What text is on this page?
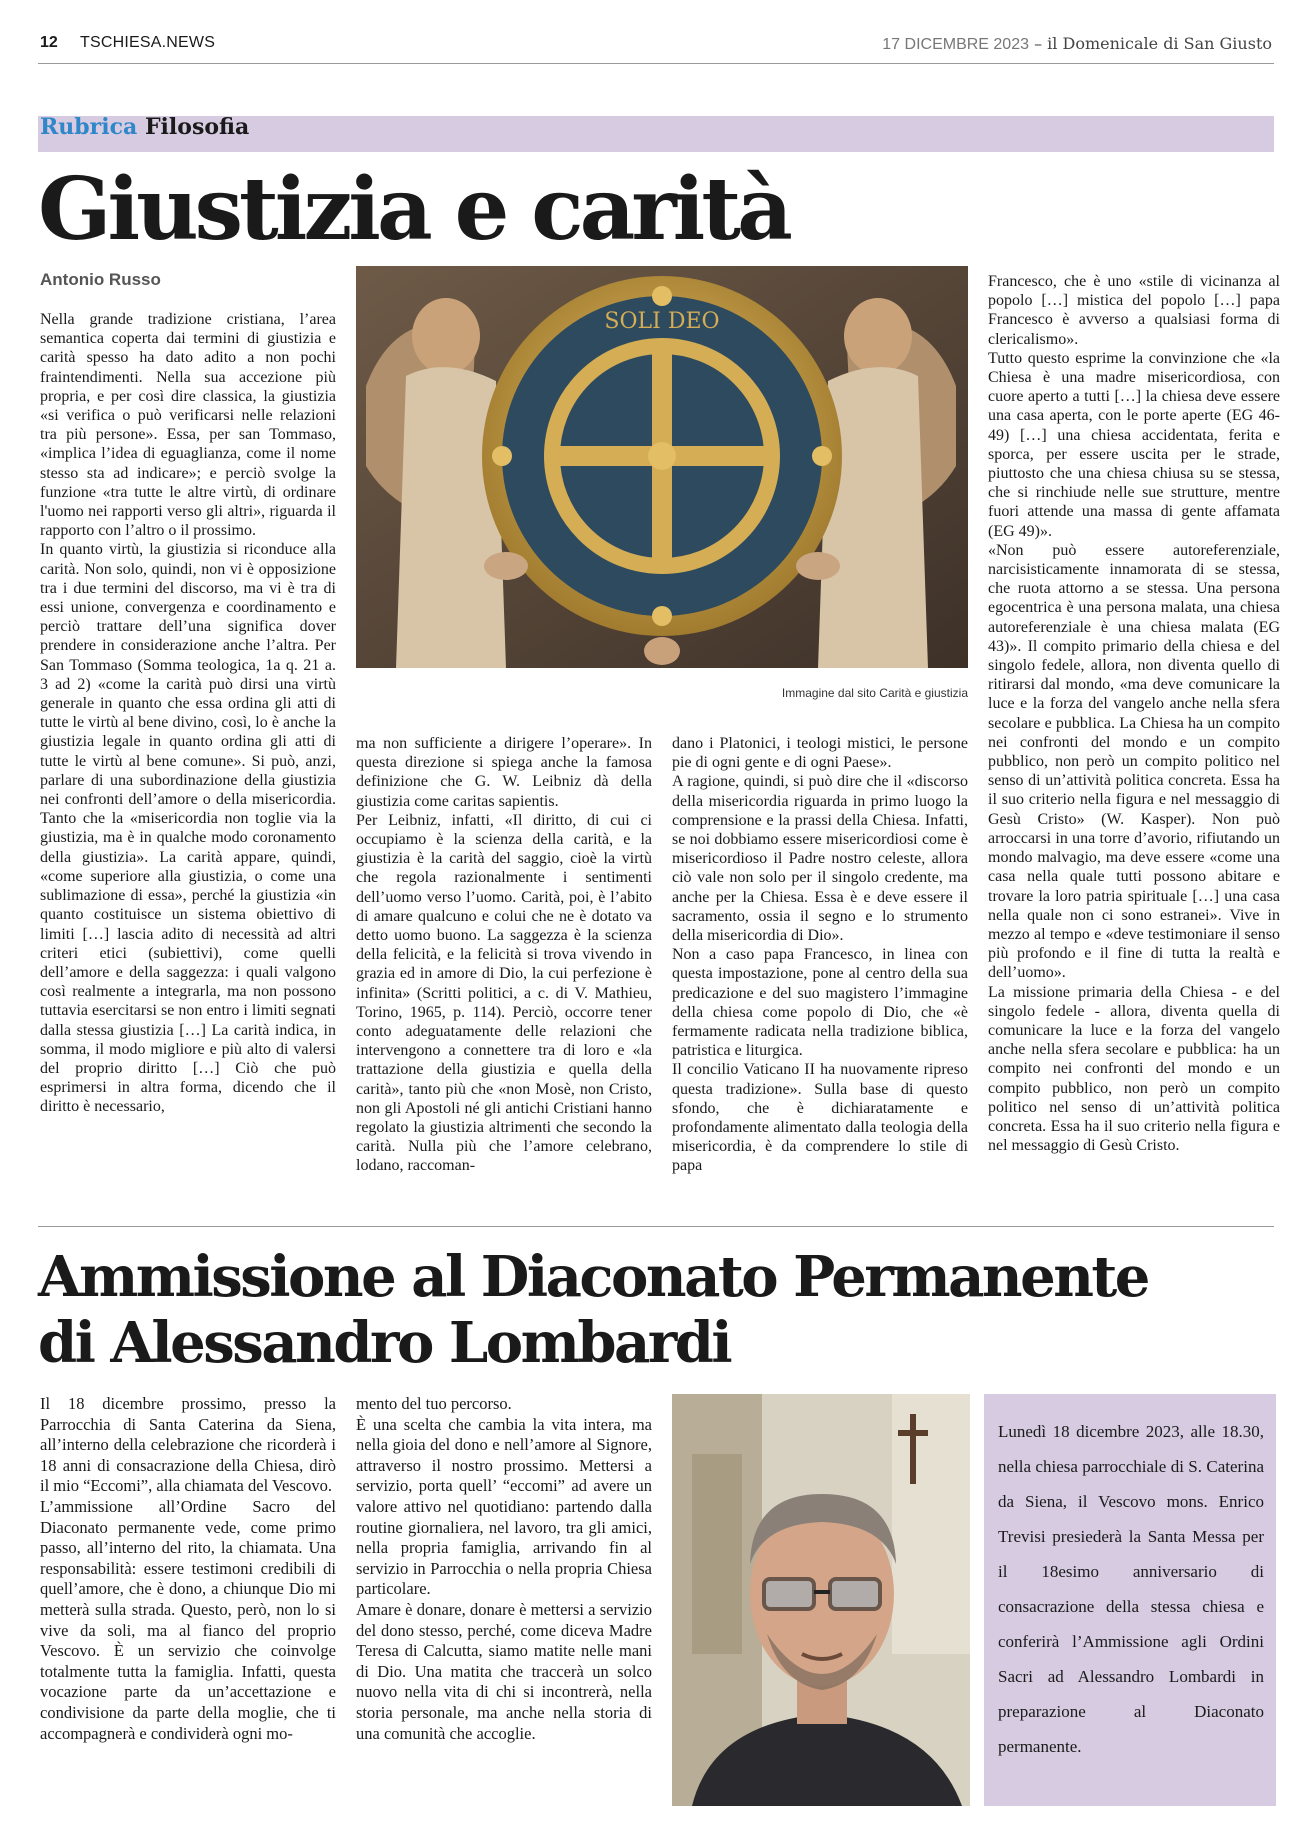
12 TSCHIESA.NEWS	17 DICEMBRE 2023 – il Domenicale di San Giusto
Rubrica Filosofia
Giustizia e carità
Antonio Russo

Nella grande tradizione cristiana, l’area semantica coperta dai termini di giustizia e carità spesso ha dato adito a non pochi fraintendimenti. Nella sua accezione più propria, e per così dire classica, la giustizia «si verifica o può verificarsi nelle relazioni tra più persone». Essa, per san Tommaso, «implica l’idea di eguaglianza, come il nome stesso sta ad indicare»; e perciò svolge la funzione «tra tutte le altre virtù, di ordinare l'uomo nei rapporti verso gli altri», riguarda il rapporto con l’altro o il prossimo.

In quanto virtù, la giustizia si riconduce alla carità. Non solo, quindi, non vi è opposizione tra i due termini del discorso, ma vi è tra di essi unione, convergenza e coordinamento e perciò trattare dell’una significa dover prendere in considerazione anche l’altra. Per San Tommaso (Somma teologica, 1a q. 21 a. 3 ad 2) «come la carità può dirsi una virtù generale in quanto che essa ordina gli atti di tutte le virtù al bene divino, così, lo è anche la giustizia legale in quanto ordina gli atti di tutte le virtù al bene comune». Si può, anzi, parlare di una subordinazione della giustizia nei confronti dell’amore o della misericordia. Tanto che la «misericordia non toglie via la giustizia, ma è in qualche modo coronamento della giustizia». La carità appare, quindi, «come superiore alla giustizia, o come una sublimazione di essa», perché la giustizia «in quanto costituisce un sistema obiettivo di limiti […] lascia adito di necessità ad altri criteri etici (subiettivi), come quelli dell’amore e della saggezza: i quali valgono così realmente a integrarla, ma non possono tuttavia esercitarsi se non entro i limiti segnati dalla stessa giustizia […] La carità indica, in somma, il modo migliore e più alto di valersi del proprio diritto […] Ciò che può esprimersi in altra forma, dicendo che il diritto è necessario,

SOLI DEO
Immagine dal sito Carità e giustizia

ma non sufficiente a dirigere l’operare». In questa direzione si spiega anche la famosa definizione che G. W. Leibniz dà della giustizia come caritas sapientis.

Per Leibniz, infatti, «Il diritto, di cui ci occupiamo è la scienza della carità, e la giustizia è la carità del saggio, cioè la virtù che regola razionalmente i sentimenti dell’uomo verso l’uomo. Carità, poi, è l’abito di amare qualcuno e colui che ne è dotato va detto uomo buono. La saggezza è la scienza della felicità, e la felicità si trova vivendo in grazia ed in amore di Dio, la cui perfezione è infinita» (Scritti politici, a c. di V. Mathieu, Torino, 1965, p. 114). Perciò, occorre tener conto adeguatamente delle relazioni che intervengono a connettere tra di loro e «la trattazione della giustizia e quella della carità», tanto più che «non Mosè, non Cristo, non gli Apostoli né gli antichi Cristiani hanno regolato la giustizia altrimenti che secondo la carità. Nulla più che l’amore celebrano, lodano, raccoman-

dano i Platonici, i teologi mistici, le persone pie di ogni gente e di ogni Paese».

A ragione, quindi, si può dire che il «discorso della misericordia riguarda in primo luogo la comprensione e la prassi della Chiesa. Infatti, se noi dobbiamo essere misericordiosi come è misericordioso il Padre nostro celeste, allora ciò vale non solo per il singolo credente, ma anche per la Chiesa. Essa è e deve essere il sacramento, ossia il segno e lo strumento della misericordia di Dio».

Non a caso papa Francesco, in linea con questa impostazione, pone al centro della sua predicazione e del suo magistero l’immagine della chiesa come popolo di Dio, che «è fermamente radicata nella tradizione biblica, patristica e liturgica.

Il concilio Vaticano II ha nuovamente ripreso questa tradizione». Sulla base di questo sfondo, che è dichiaratamente e profondamente alimentato dalla teologia della misericordia, è da comprendere lo stile di papa

Francesco, che è uno «stile di vicinanza al popolo […] mistica del popolo […] papa Francesco è avverso a qualsiasi forma di clericalismo».

Tutto questo esprime la convinzione che «la Chiesa è una madre misericordiosa, con cuore aperto a tutti […] la chiesa deve essere una casa aperta, con le porte aperte (EG 46-49) […] una chiesa accidentata, ferita e sporca, per essere uscita per le strade, piuttosto che una chiesa chiusa su se stessa, che si rinchiude nelle sue strutture, mentre fuori attende una massa di gente affamata (EG 49)».

«Non può essere autoreferenziale, narcisisticamente innamorata di se stessa, che ruota attorno a se stessa. Una persona egocentrica è una persona malata, una chiesa autoreferenziale è una chiesa malata (EG 43)». Il compito primario della chiesa e del singolo fedele, allora, non diventa quello di ritirarsi dal mondo, «ma deve comunicare la luce e la forza del vangelo anche nella sfera secolare e pubblica. La Chiesa ha un compito nei confronti del mondo e un compito pubblico, non però un compito politico nel senso di un’attività politica concreta. Essa ha il suo criterio nella figura e nel messaggio di Gesù Cristo» (W. Kasper). Non può arroccarsi in una torre d’avorio, rifiutando un mondo malvagio, ma deve essere «come una casa nella quale tutti possono abitare e trovare la loro patria spirituale […] una casa nella quale non ci sono estranei». Vive in mezzo al tempo e «deve testimoniare il senso più profondo e il fine di tutta la realtà e dell’uomo».

La missione primaria della Chiesa - e del singolo fedele - allora, diventa quella di comunicare la luce e la forza del vangelo anche nella sfera secolare e pubblica: ha un compito nei confronti del mondo e un compito pubblico, non però un compito politico nel senso di un’attività politica concreta. Essa ha il suo criterio nella figura e nel messaggio di Gesù Cristo.

Ammissione al Diaconato Permanente
di Alessandro Lombardi

Il 18 dicembre prossimo, presso la Parrocchia di Santa Caterina da Siena, all’interno della celebrazione che ricorderà i 18 anni di consacrazione della Chiesa, dirò il mio “Eccomi”, alla chiamata del Vescovo.

L’ammissione all’Ordine Sacro del Diaconato permanente vede, come primo passo, all’interno del rito, la chiamata. Una responsabilità: essere testimoni credibili di quell’amore, che è dono, a chiunque Dio mi metterà sulla strada. Questo, però, non lo si vive da soli, ma al fianco del proprio Vescovo. È un servizio che coinvolge totalmente tutta la famiglia. Infatti, questa vocazione parte da un’accettazione e condivisione da parte della moglie, che ti accompagnerà e condividerà ogni mo-

mento del tuo percorso.

È una scelta che cambia la vita intera, ma nella gioia del dono e nell’amore al Signore, attraverso il nostro prossimo. Mettersi a servizio, porta quell’ “eccomi” ad avere un valore attivo nel quotidiano: partendo dalla routine giornaliera, nel lavoro, tra gli amici, nella propria famiglia, arrivando fin al servizio in Parrocchia o nella propria Chiesa particolare.

Amare è donare, donare è mettersi a servizio del dono stesso, perché, come diceva Madre Teresa di Calcutta, siamo matite nelle mani di Dio. Una matita che traccerà un solco nuovo nella vita di chi si incontrerà, nella storia personale, ma anche nella storia di una comunità che accoglie.

Lunedì 18 dicembre 2023, alle 18.30, nella chiesa parrocchiale di S. Caterina da Siena, il Vescovo mons. Enrico Trevisi presiederà la Santa Messa per il 18esimo anniversario di consacrazione della stessa chiesa e conferirà l’Ammissione agli Ordini Sacri ad Alessandro Lombardi in preparazione al Diaconato permanente.
